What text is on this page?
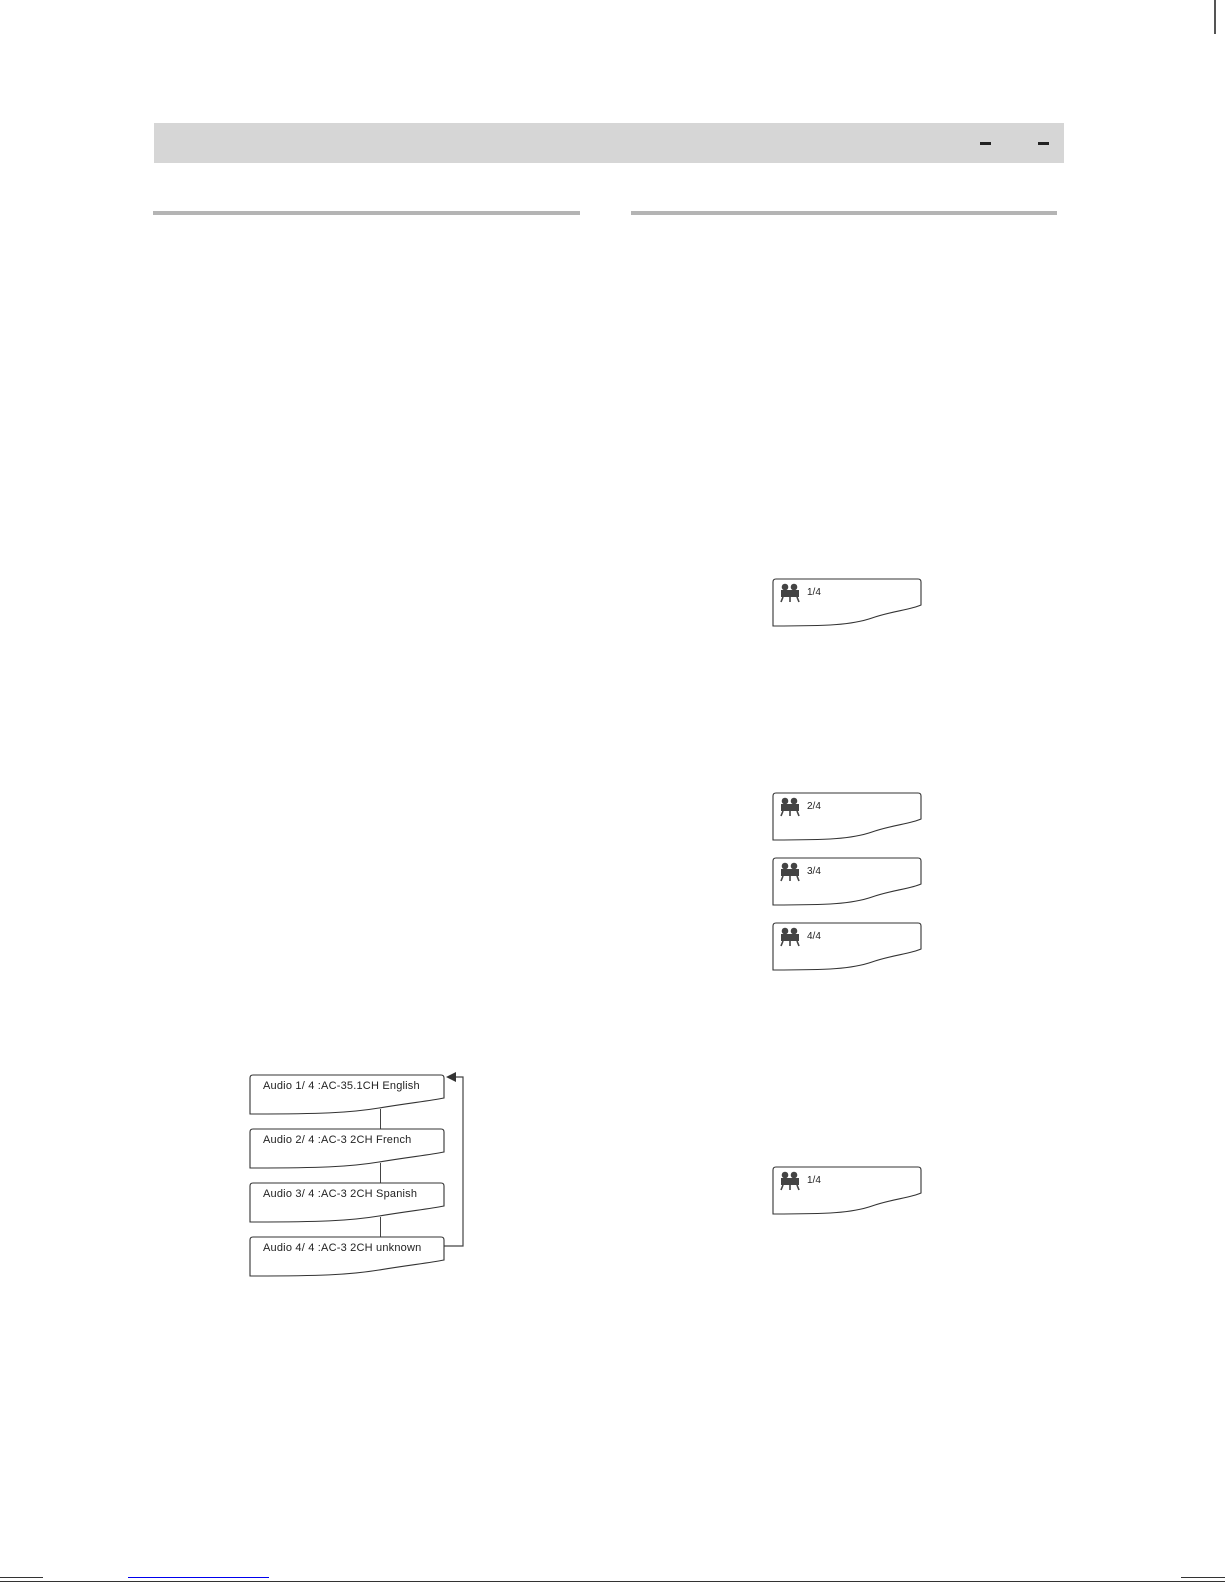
1/4
2/4
3/4
4/4
1/4
Audio 1/ 4 :AC-35.1CH English
Audio 2/ 4 :AC-3 2CH French
Audio 3/ 4 :AC-3 2CH Spanish
Audio 4/ 4 :AC-3 2CH unknown
